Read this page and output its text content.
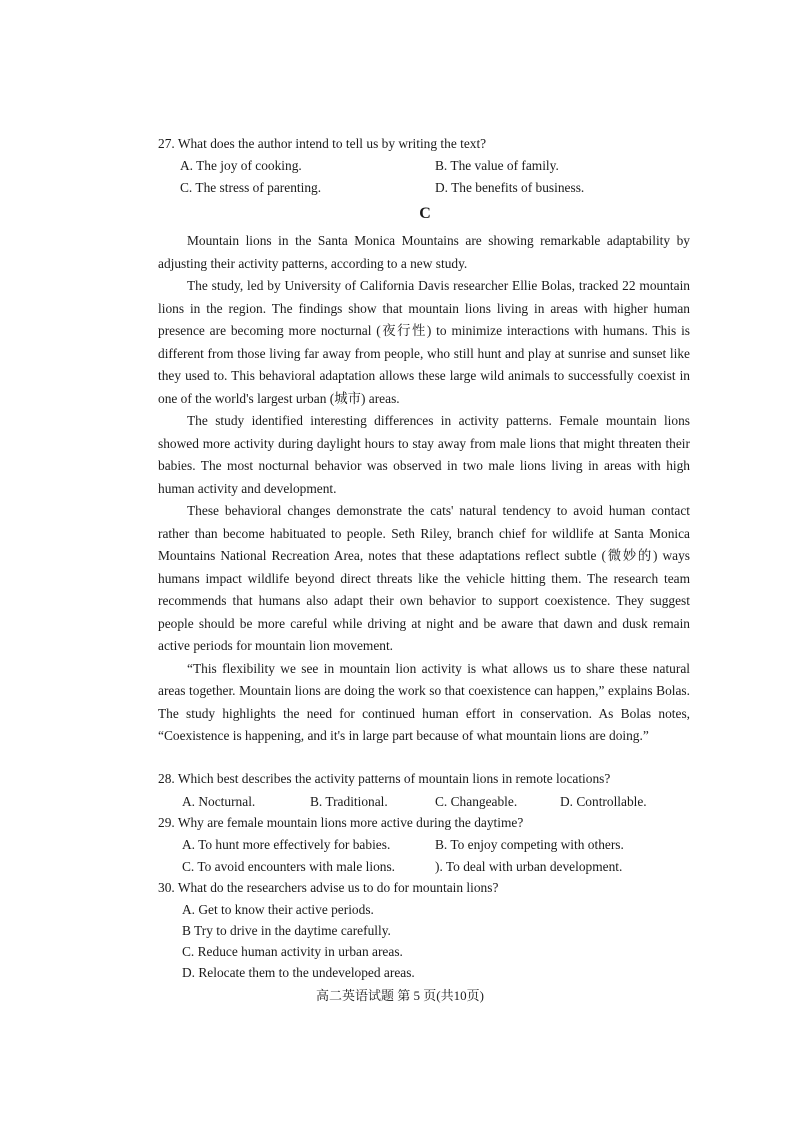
27. What does the author intend to tell us by writing the text?
A. The joy of cooking.	B. The value of family.
C. The stress of parenting.	D. The benefits of business.
C

Mountain lions in the Santa Monica Mountains are showing remarkable adaptability by adjusting their activity patterns, according to a new study.

The study, led by University of California Davis researcher Ellie Bolas, tracked 22 mountain lions in the region. The findings show that mountain lions living in areas with higher human presence are becoming more nocturnal (夜行性) to minimize interactions with humans. This is different from those living far away from people, who still hunt and play at sunrise and sunset like they used to. This behavioral adaptation allows these large wild animals to successfully coexist in one of the world's largest urban (城市) areas.

The study identified interesting differences in activity patterns. Female mountain lions showed more activity during daylight hours to stay away from male lions that might threaten their babies. The most nocturnal behavior was observed in two male lions living in areas with high human activity and development.

These behavioral changes demonstrate the cats' natural tendency to avoid human contact rather than become habituated to people. Seth Riley, branch chief for wildlife at Santa Monica Mountains National Recreation Area, notes that these adaptations reflect subtle (微妙的) ways humans impact wildlife beyond direct threats like the vehicle hitting them. The research team recommends that humans also adapt their own behavior to support coexistence. They suggest people should be more careful while driving at night and be aware that dawn and dusk remain active periods for mountain lion movement.

“This flexibility we see in mountain lion activity is what allows us to share these natural areas together. Mountain lions are doing the work so that coexistence can happen,” explains Bolas. The study highlights the need for continued human effort in conservation. As Bolas notes, “Coexistence is happening, and it's in large part because of what mountain lions are doing.”

28. Which best describes the activity patterns of mountain lions in remote locations?
A. Nocturnal.	B. Traditional.	C. Changeable.	D. Controllable.
29. Why are female mountain lions more active during the daytime?
A. To hunt more effectively for babies.	B. To enjoy competing with others.
C. To avoid encounters with male lions.	). To deal with urban development.
30. What do the researchers advise us to do for mountain lions?
A. Get to know their active periods.
B Try to drive in the daytime carefully.
C. Reduce human activity in urban areas.
D. Relocate them to the undeveloped areas.
高二英语试题 第 5 页(共10页)
